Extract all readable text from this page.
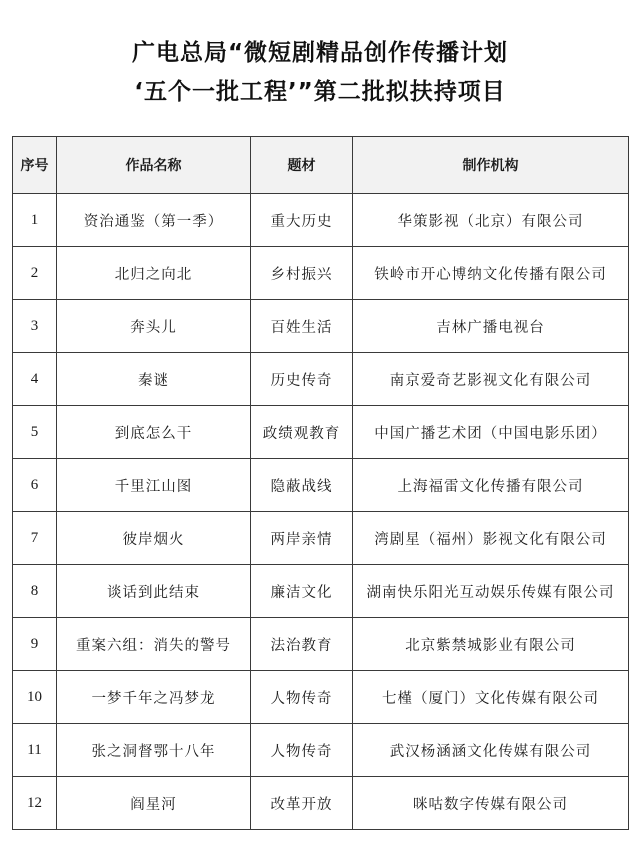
广电总局“微短剧精品创作传播计划
‘五个一批工程’”第二批拟扶持项目
序号	作品名称	题材	制作机构
1	资治通鉴（第一季）	重大历史	华策影视（北京）有限公司
2	北归之向北	乡村振兴	铁岭市开心博纳文化传播有限公司
3	奔头儿	百姓生活	吉林广播电视台
4	秦谜	历史传奇	南京爱奇艺影视文化有限公司
5	到底怎么干	政绩观教育	中国广播艺术团（中国电影乐团）
6	千里江山图	隐蔽战线	上海福雷文化传播有限公司
7	彼岸烟火	两岸亲情	湾剧星（福州）影视文化有限公司
8	谈话到此结束	廉洁文化	湖南快乐阳光互动娱乐传媒有限公司
9	重案六组：消失的警号	法治教育	北京紫禁城影业有限公司
10	一梦千年之冯梦龙	人物传奇	七槿（厦门）文化传媒有限公司
11	张之洞督鄂十八年	人物传奇	武汉杨涵涵文化传媒有限公司
12	阎星河	改革开放	咪咕数字传媒有限公司
